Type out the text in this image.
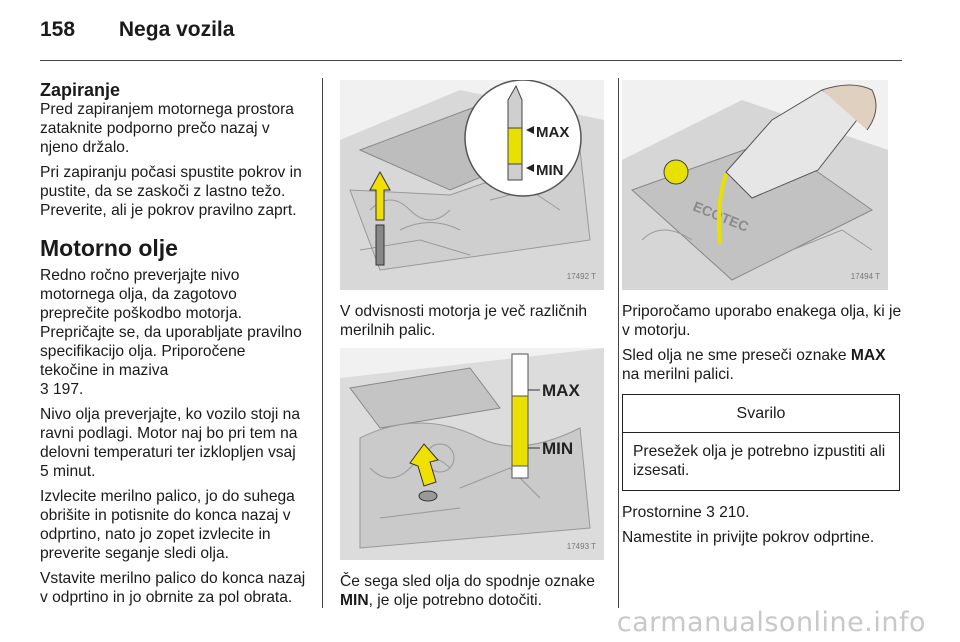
158 Nega vozila
Zapiranje

Pred zapiranjem motornega prostora zataknite podporno prečo nazaj v njeno držalo.

Pri zapiranju počasi spustite pokrov in pustite, da se zaskoči z lastno težo. Preverite, ali je pokrov pravilno zaprt.

Motorno olje

Redno ročno preverjajte nivo motornega olja, da zagotovo preprečite poškodbo motorja. Prepričajte se, da uporabljate pravilno specifikacijo olja. Priporočene tekočine in maziva
3 197.

Nivo olja preverjajte, ko vozilo stoji na ravni podlagi. Motor naj bo pri tem na delovni temperaturi ter izklopljen vsaj 5 minut.

Izvlecite merilno palico, jo do suhega obrišite in potisnite do konca nazaj v odprtino, nato jo zopet izvlecite in preverite seganje sledi olja.

Vstavite merilno palico do konca nazaj v odprtino in jo obrnite za pol obrata.

MAX
MIN
17492 T

V odvisnosti motorja je več različnih merilnih palic.

MAX
MIN
17493 T

Če sega sled olja do spodnje oznake MIN, je olje potrebno dotočiti.

ECOTEC
17494 T

Priporočamo uporabo enakega olja, ki je v motorju.

Sled olja ne sme preseči oznake MAX na merilni palici.

Svarilo
Presežek olja je potrebno izpustiti ali izsesati.

Prostornine 3 210.

Namestite in privijte pokrov odprtine.

carmanualsonline.info
